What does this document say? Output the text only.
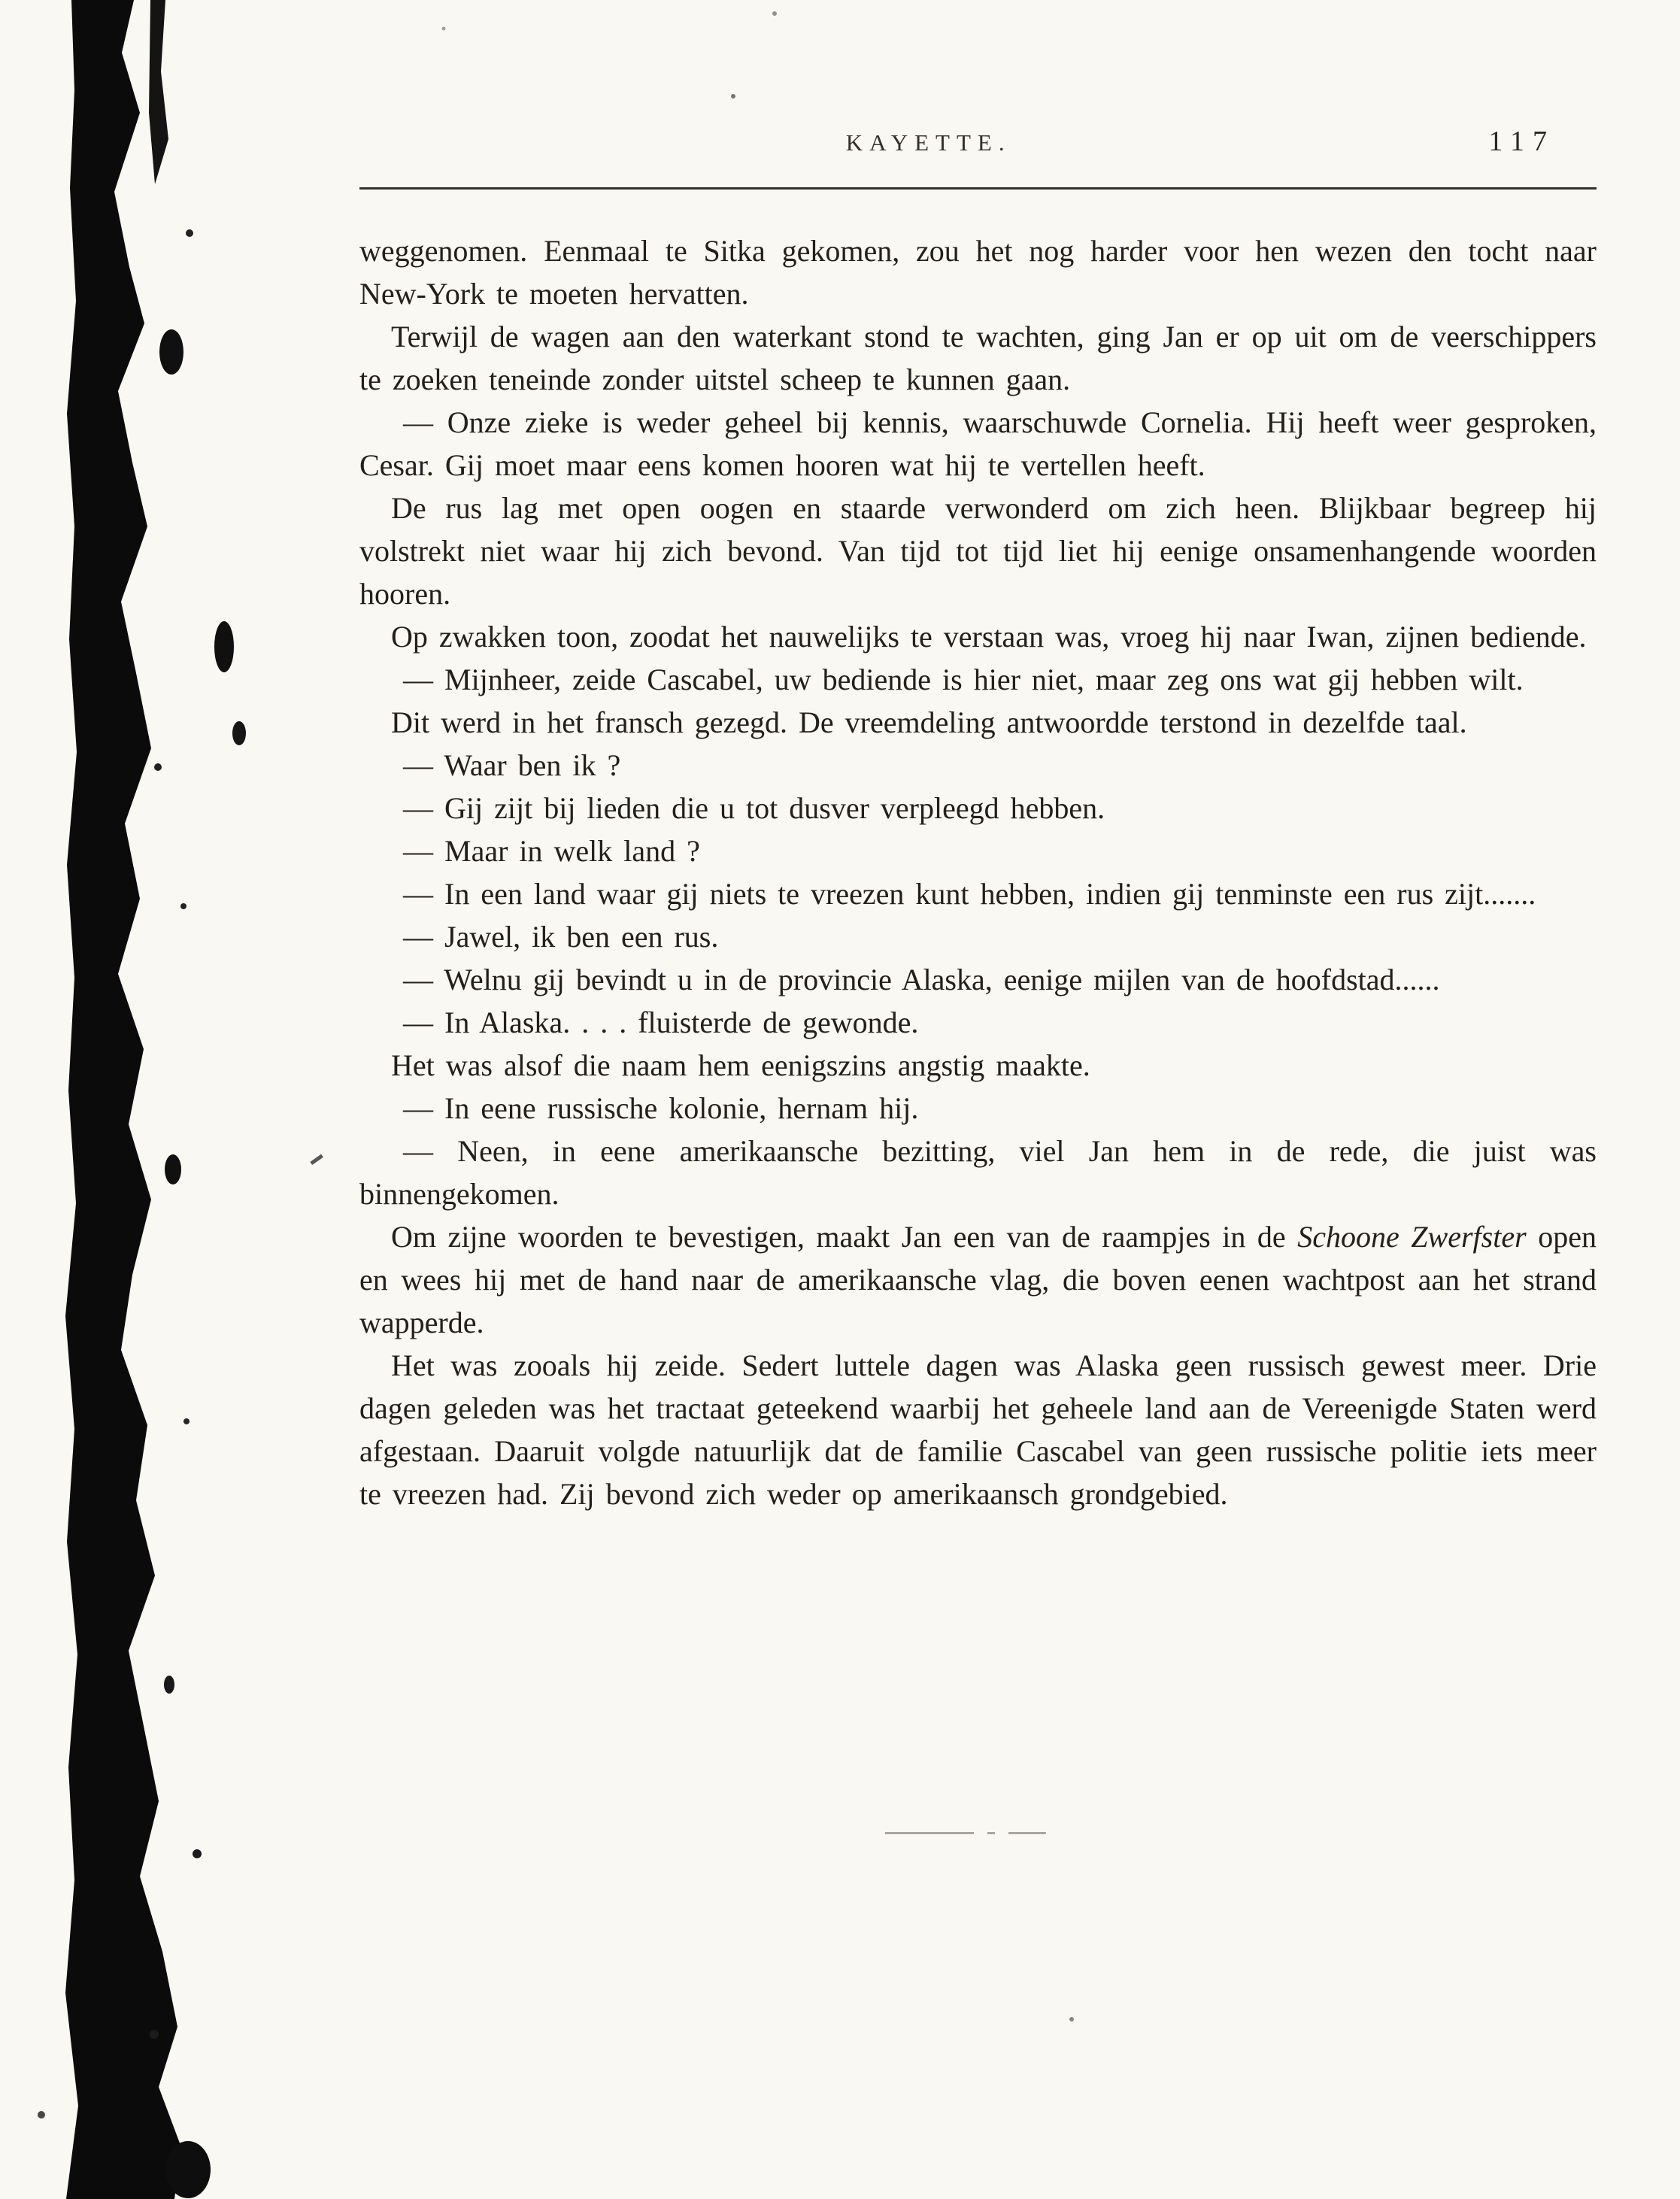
KAYETTE.	117

weggenomen. Eenmaal te Sitka gekomen, zou het nog harder voor hen wezen den tocht naar New-York te moeten hervatten.

Terwijl de wagen aan den waterkant stond te wachten, ging Jan er op uit om de veerschippers te zoeken teneinde zonder uitstel scheep te kunnen gaan.

— Onze zieke is weder geheel bij kennis, waarschuwde Cornelia. Hij heeft weer gesproken, Cesar. Gij moet maar eens komen hooren wat hij te vertellen heeft.

De rus lag met open oogen en staarde verwonderd om zich heen. Blijkbaar begreep hij volstrekt niet waar hij zich bevond. Van tijd tot tijd liet hij eenige onsamenhangende woorden hooren.

Op zwakken toon, zoodat het nauwelijks te verstaan was, vroeg hij naar Iwan, zijnen bediende.

— Mijnheer, zeide Cascabel, uw bediende is hier niet, maar zeg ons wat gij hebben wilt.

Dit werd in het fransch gezegd. De vreemdeling antwoordde terstond in dezelfde taal.

— Waar ben ik ?

— Gij zijt bij lieden die u tot dusver verpleegd hebben.

— Maar in welk land ?

— In een land waar gij niets te vreezen kunt hebben, indien gij tenminste een rus zijt.......

— Jawel, ik ben een rus.

— Welnu gij bevindt u in de provincie Alaska, eenige mijlen van de hoofdstad......

— In Alaska. . . . fluisterde de gewonde.

Het was alsof die naam hem eenigszins angstig maakte.

— In eene russische kolonie, hernam hij.

— Neen, in eene amerikaansche bezitting, viel Jan hem in de rede, die juist was binnengekomen.

Om zijne woorden te bevestigen, maakt Jan een van de raampjes in de Schoone Zwerfster open en wees hij met de hand naar de amerikaansche vlag, die boven eenen wachtpost aan het strand wapperde.

Het was zooals hij zeide. Sedert luttele dagen was Alaska geen russisch gewest meer. Drie dagen geleden was het tractaat geteekend waarbij het geheele land aan de Vereenigde Staten werd afgestaan. Daaruit volgde natuurlijk dat de familie Cascabel van geen russische politie iets meer te vreezen had. Zij bevond zich weder op amerikaansch grondgebied.
